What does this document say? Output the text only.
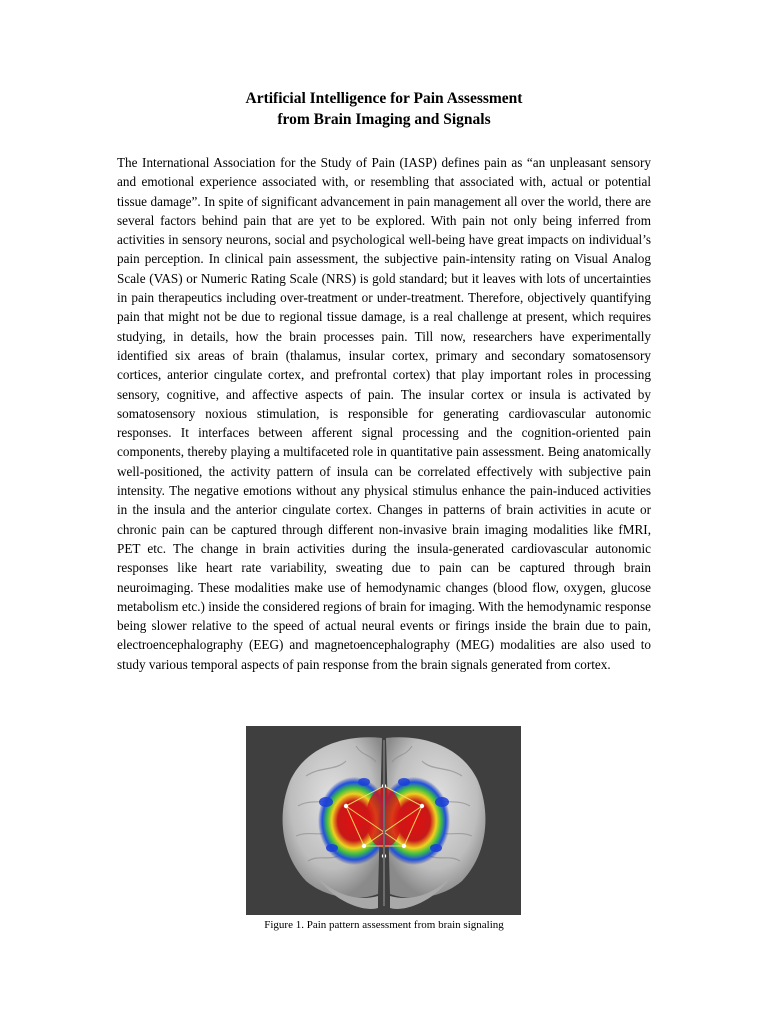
Artificial Intelligence for Pain Assessment
from Brain Imaging and Signals

The International Association for the Study of Pain (IASP) defines pain as “an unpleasant sensory and emotional experience associated with, or resembling that associated with, actual or potential tissue damage”. In spite of significant advancement in pain management all over the world, there are several factors behind pain that are yet to be explored. With pain not only being inferred from activities in sensory neurons, social and psychological well-being have great impacts on individual’s pain perception. In clinical pain assessment, the subjective pain-intensity rating on Visual Analog Scale (VAS) or Numeric Rating Scale (NRS) is gold standard; but it leaves with lots of uncertainties in pain therapeutics including over-treatment or under-treatment. Therefore, objectively quantifying pain that might not be due to regional tissue damage, is a real challenge at present, which requires studying, in details, how the brain processes pain. Till now, researchers have experimentally identified six areas of brain (thalamus, insular cortex, primary and secondary somatosensory cortices, anterior cingulate cortex, and prefrontal cortex) that play important roles in processing sensory, cognitive, and affective aspects of pain. The insular cortex or insula is activated by somatosensory noxious stimulation, is responsible for generating cardiovascular autonomic responses. It interfaces between afferent signal processing and the cognition-oriented pain components, thereby playing a multifaceted role in quantitative pain assessment. Being anatomically well-positioned, the activity pattern of insula can be correlated effectively with subjective pain intensity. The negative emotions without any physical stimulus enhance the pain-induced activities in the insula and the anterior cingulate cortex. Changes in patterns of brain activities in acute or chronic pain can be captured through different non-invasive brain imaging modalities like fMRI, PET etc. The change in brain activities during the insula-generated cardiovascular autonomic responses like heart rate variability, sweating due to pain can be captured through brain neuroimaging. These modalities make use of hemodynamic changes (blood flow, oxygen, glucose metabolism etc.) inside the considered regions of brain for imaging. With the hemodynamic response being slower relative to the speed of actual neural events or firings inside the brain due to pain, electroencephalography (EEG) and magnetoencephalography (MEG) modalities are also used to study various temporal aspects of pain response from the brain signals generated from cortex.

Figure 1. Pain pattern assessment from brain signaling
